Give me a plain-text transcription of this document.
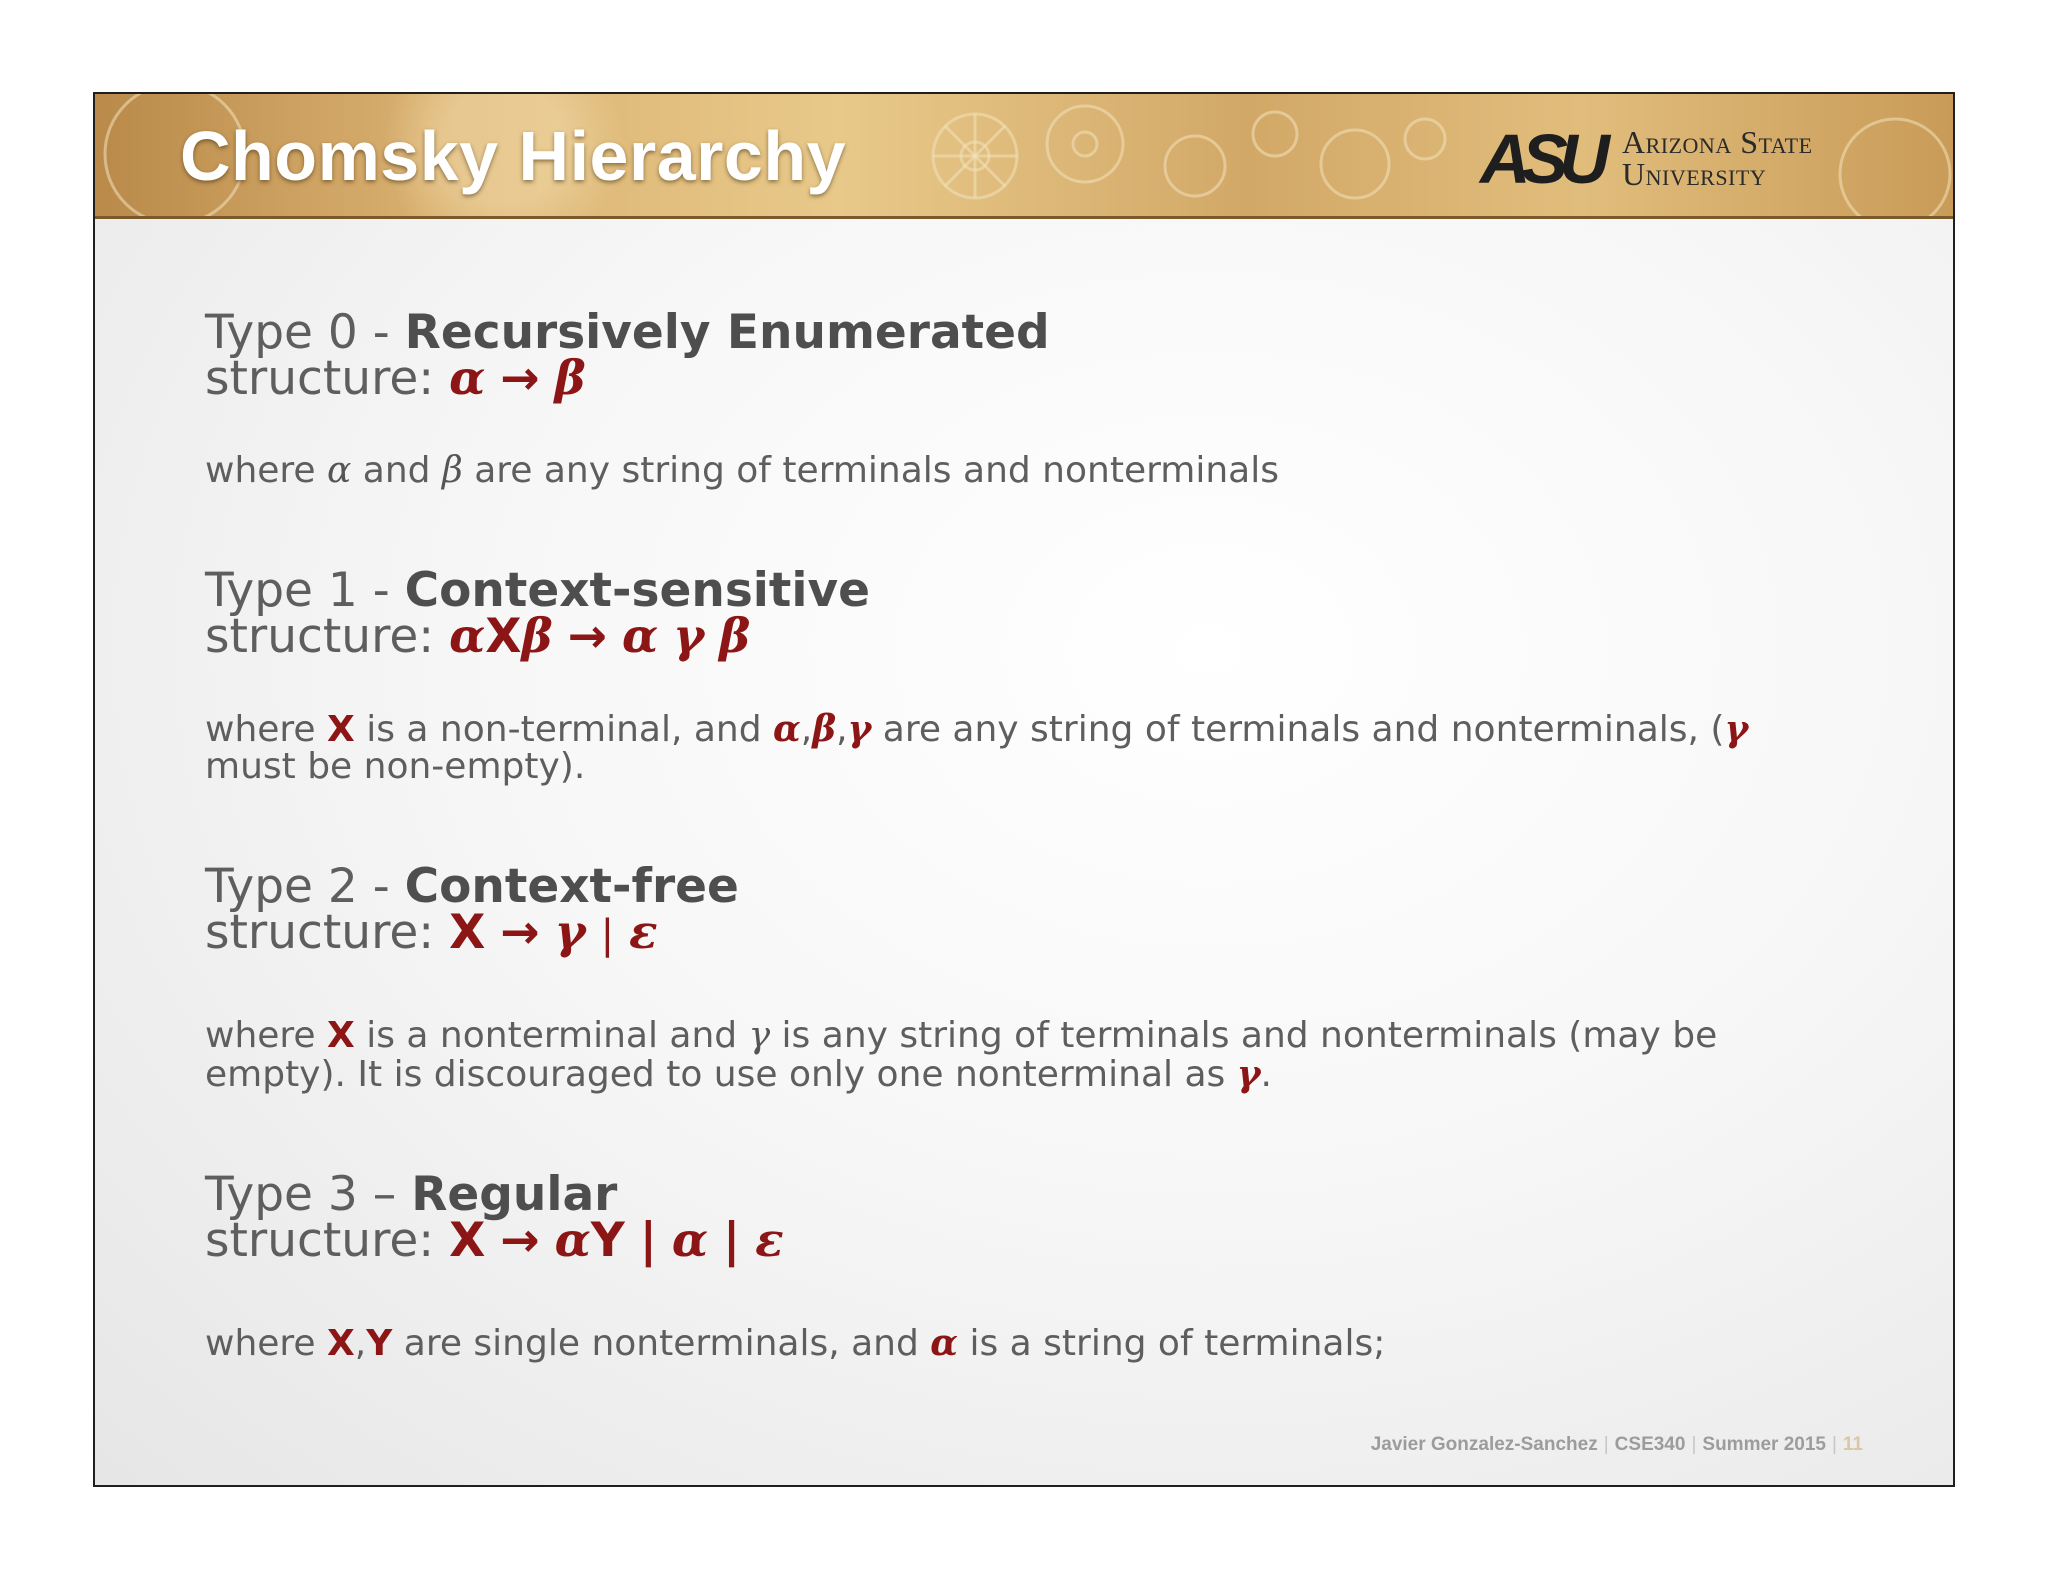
Chomsky Hierarchy	ASU Arizona State
University
Type 0 - Recursively Enumerated
structure: α → β
where α and β are any string of terminals and nonterminals
Type 1 - Context-sensitive
structure: αXβ → α γ β
where X is a non-terminal, and α,β,γ are any string of terminals and nonterminals, (γ
must be non-empty).
Type 2 - Context-free
structure: X → γ | ε
where X is a nonterminal and γ is any string of terminals and nonterminals (may be
empty). It is discouraged to use only one nonterminal as γ.
Type 3 – Regular
structure: X → αY | α | ε
where X,Y are single nonterminals, and α is a string of terminals;
Javier Gonzalez-Sanchez | CSE340 | Summer 2015 | 11
